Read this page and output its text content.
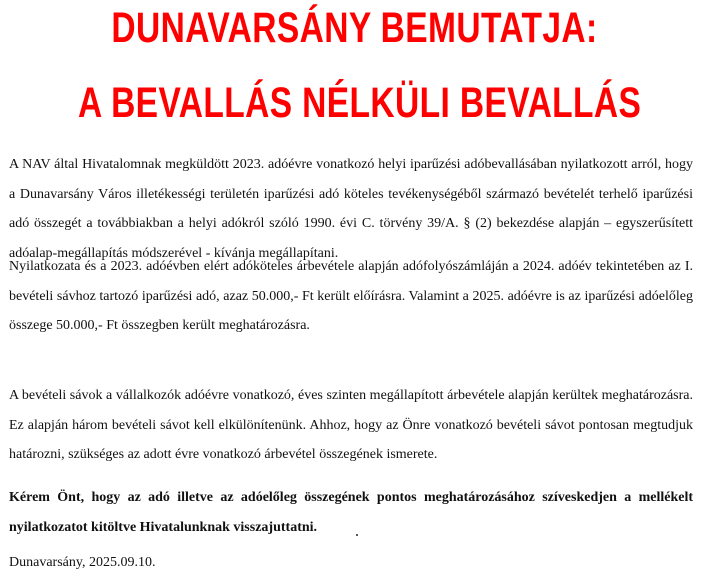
DUNAVARSÁNY BEMUTATJA:
A BEVALLÁS NÉLKÜLI BEVALLÁS

A NAV által Hivatalomnak megküldött 2023. adóévre vonatkozó helyi iparűzési adóbevallásában nyilatkozott arról, hogy a Dunavarsány Város illetékességi területén iparűzési adó köteles tevékenységéből származó bevételét terhelő iparűzési adó összegét a továbbiakban a helyi adókról szóló 1990. évi C. törvény 39/A. § (2) bekezdése alapján – egyszerűsített adóalap-megállapítás módszerével - kívánja megállapítani.

Nyilatkozata és a 2023. adóévben elért adóköteles árbevétele alapján adófolyószámláján a 2024. adóév tekintetében az I. bevételi sávhoz tartozó iparűzési adó, azaz 50.000,- Ft került előírásra. Valamint a 2025. adóévre is az iparűzési adóelőleg összege 50.000,- Ft összegben került meghatározásra.

A bevételi sávok a vállalkozók adóévre vonatkozó, éves szinten megállapított árbevétele alapján kerültek meghatározásra. Ez alapján három bevételi sávot kell elkülönítenünk. Ahhoz, hogy az Önre vonatkozó bevételi sávot pontosan megtudjuk határozni, szükséges az adott évre vonatkozó árbevétel összegének ismerete.

Kérem Önt, hogy az adó illetve az adóelőleg összegének pontos meghatározásához szíveskedjen a mellékelt nyilatkozatot kitöltve Hivatalunknak visszajuttatni.

Dunavarsány, 2025.09.10.
